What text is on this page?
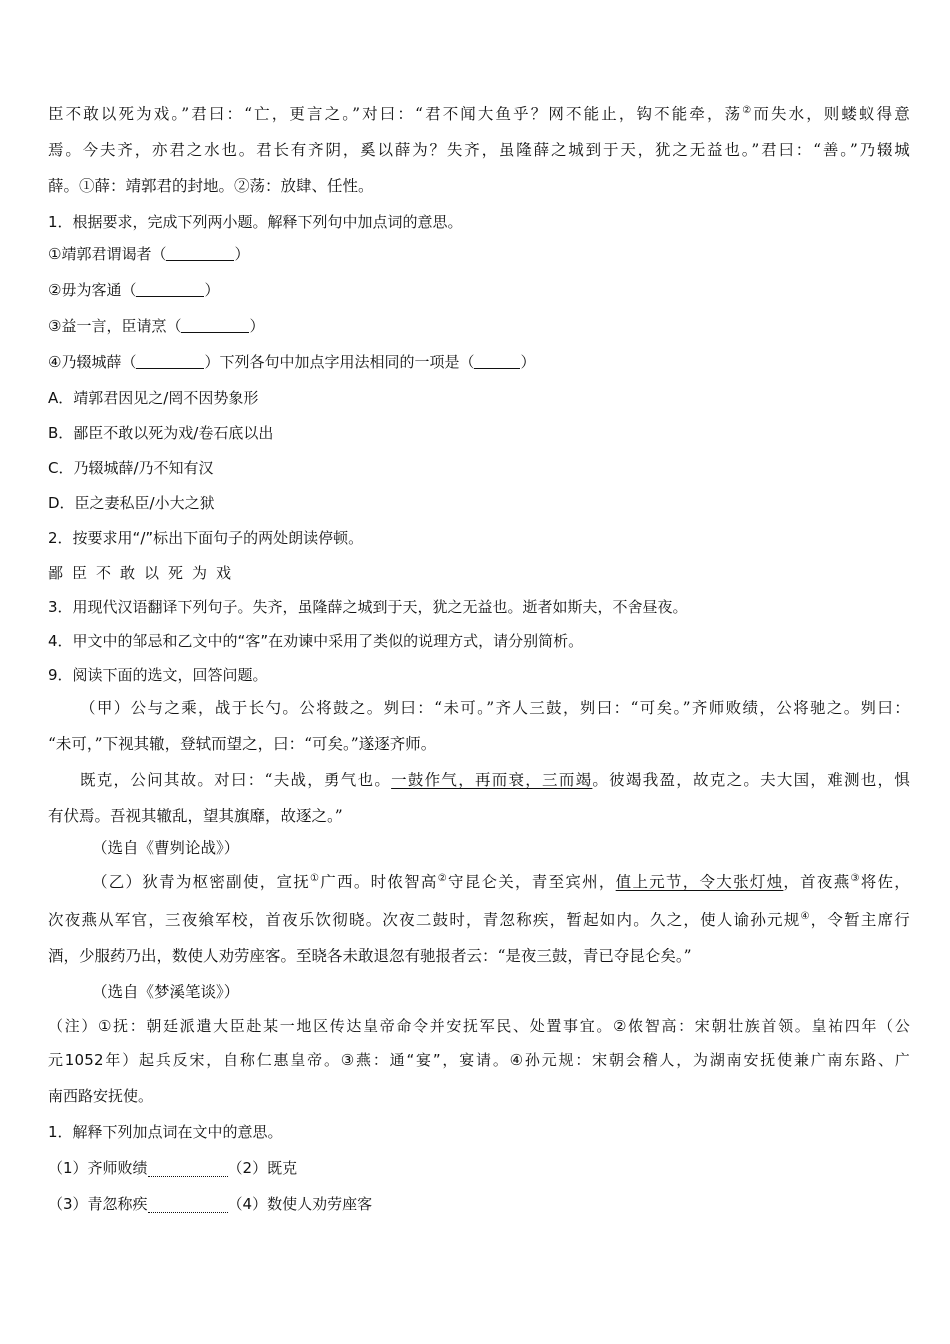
臣不敢以死为戏。”君曰：“亡，更言之。”对曰：“君不闻大鱼乎？网不能止，钩不能牵，荡②而失水，则蝼蚁得意
焉。今夫齐，亦君之水也。君长有齐阴，奚以薛为？失齐，虽隆薛之城到于天，犹之无益也。”君曰：“善。”乃辍城
薛。①薛：靖郭君的封地。②荡：放肆、任性。
1．根据要求，完成下列两小题。解释下列句中加点词的意思。
①靖郭君谓谒者（	）
②毋为客通（	）
③益一言，臣请烹（	）
④乃辍城薛（	）下列各句中加点字用法相同的一项是（	）
A．靖郭君因见之/罔不因势象形
B．鄙臣不敢以死为戏/卷石底以出
C．乃辍城薛/乃不知有汉
D．臣之妻私臣/小大之狱
2．按要求用“/”标出下面句子的两处朗读停顿。
鄙臣不敢以死为戏
3．用现代汉语翻译下列句子。失齐，虽隆薛之城到于天，犹之无益也。逝者如斯夫，不舍昼夜。
4．甲文中的邹忌和乙文中的“客”在劝谏中采用了类似的说理方式，请分别简析。
9．阅读下面的选文，回答问题。
（甲）公与之乘，战于长勺。公将鼓之。刿曰：“未可。”齐人三鼓，刿曰：“可矣。”齐师败绩，公将驰之。刿曰：
“未可，”下视其辙，登轼而望之，曰：“可矣。”遂逐齐师。
既克，公问其故。对曰：“夫战，勇气也。一鼓作气，再而衰，三而竭。彼竭我盈，故克之。夫大国，难测也，惧
有伏焉。吾视其辙乱，望其旗靡，故逐之。”
（选自《曹刿论战》）
（乙）狄青为枢密副使，宣抚①广西。时侬智高②守昆仑关，青至宾州，值上元节，令大张灯烛，首夜燕③将佐，
次夜燕从军官，三夜飨军校，首夜乐饮彻晓。次夜二鼓时，青忽称疾，暂起如内。久之，使人谕孙元规④，令暂主席行
酒，少服药乃出，数使人劝劳座客。至晓各未敢退忽有驰报者云：“是夜三鼓，青已夺昆仑矣。”
（选自《梦溪笔谈》）
（注）①抚：朝廷派遣大臣赴某一地区传达皇帝命令并安抚军民、处置事宜。②侬智高：宋朝壮族首领。皇祐四年（公
元1052年）起兵反宋，自称仁惠皇帝。③燕：通“宴”，宴请。④孙元规：宋朝会稽人，为湖南安抚使兼广南东路、广
南西路安抚使。
1．解释下列加点词在文中的意思。
（1）齐师败绩	（2）既克
（3）青忽称疾	（4）数使人劝劳座客
